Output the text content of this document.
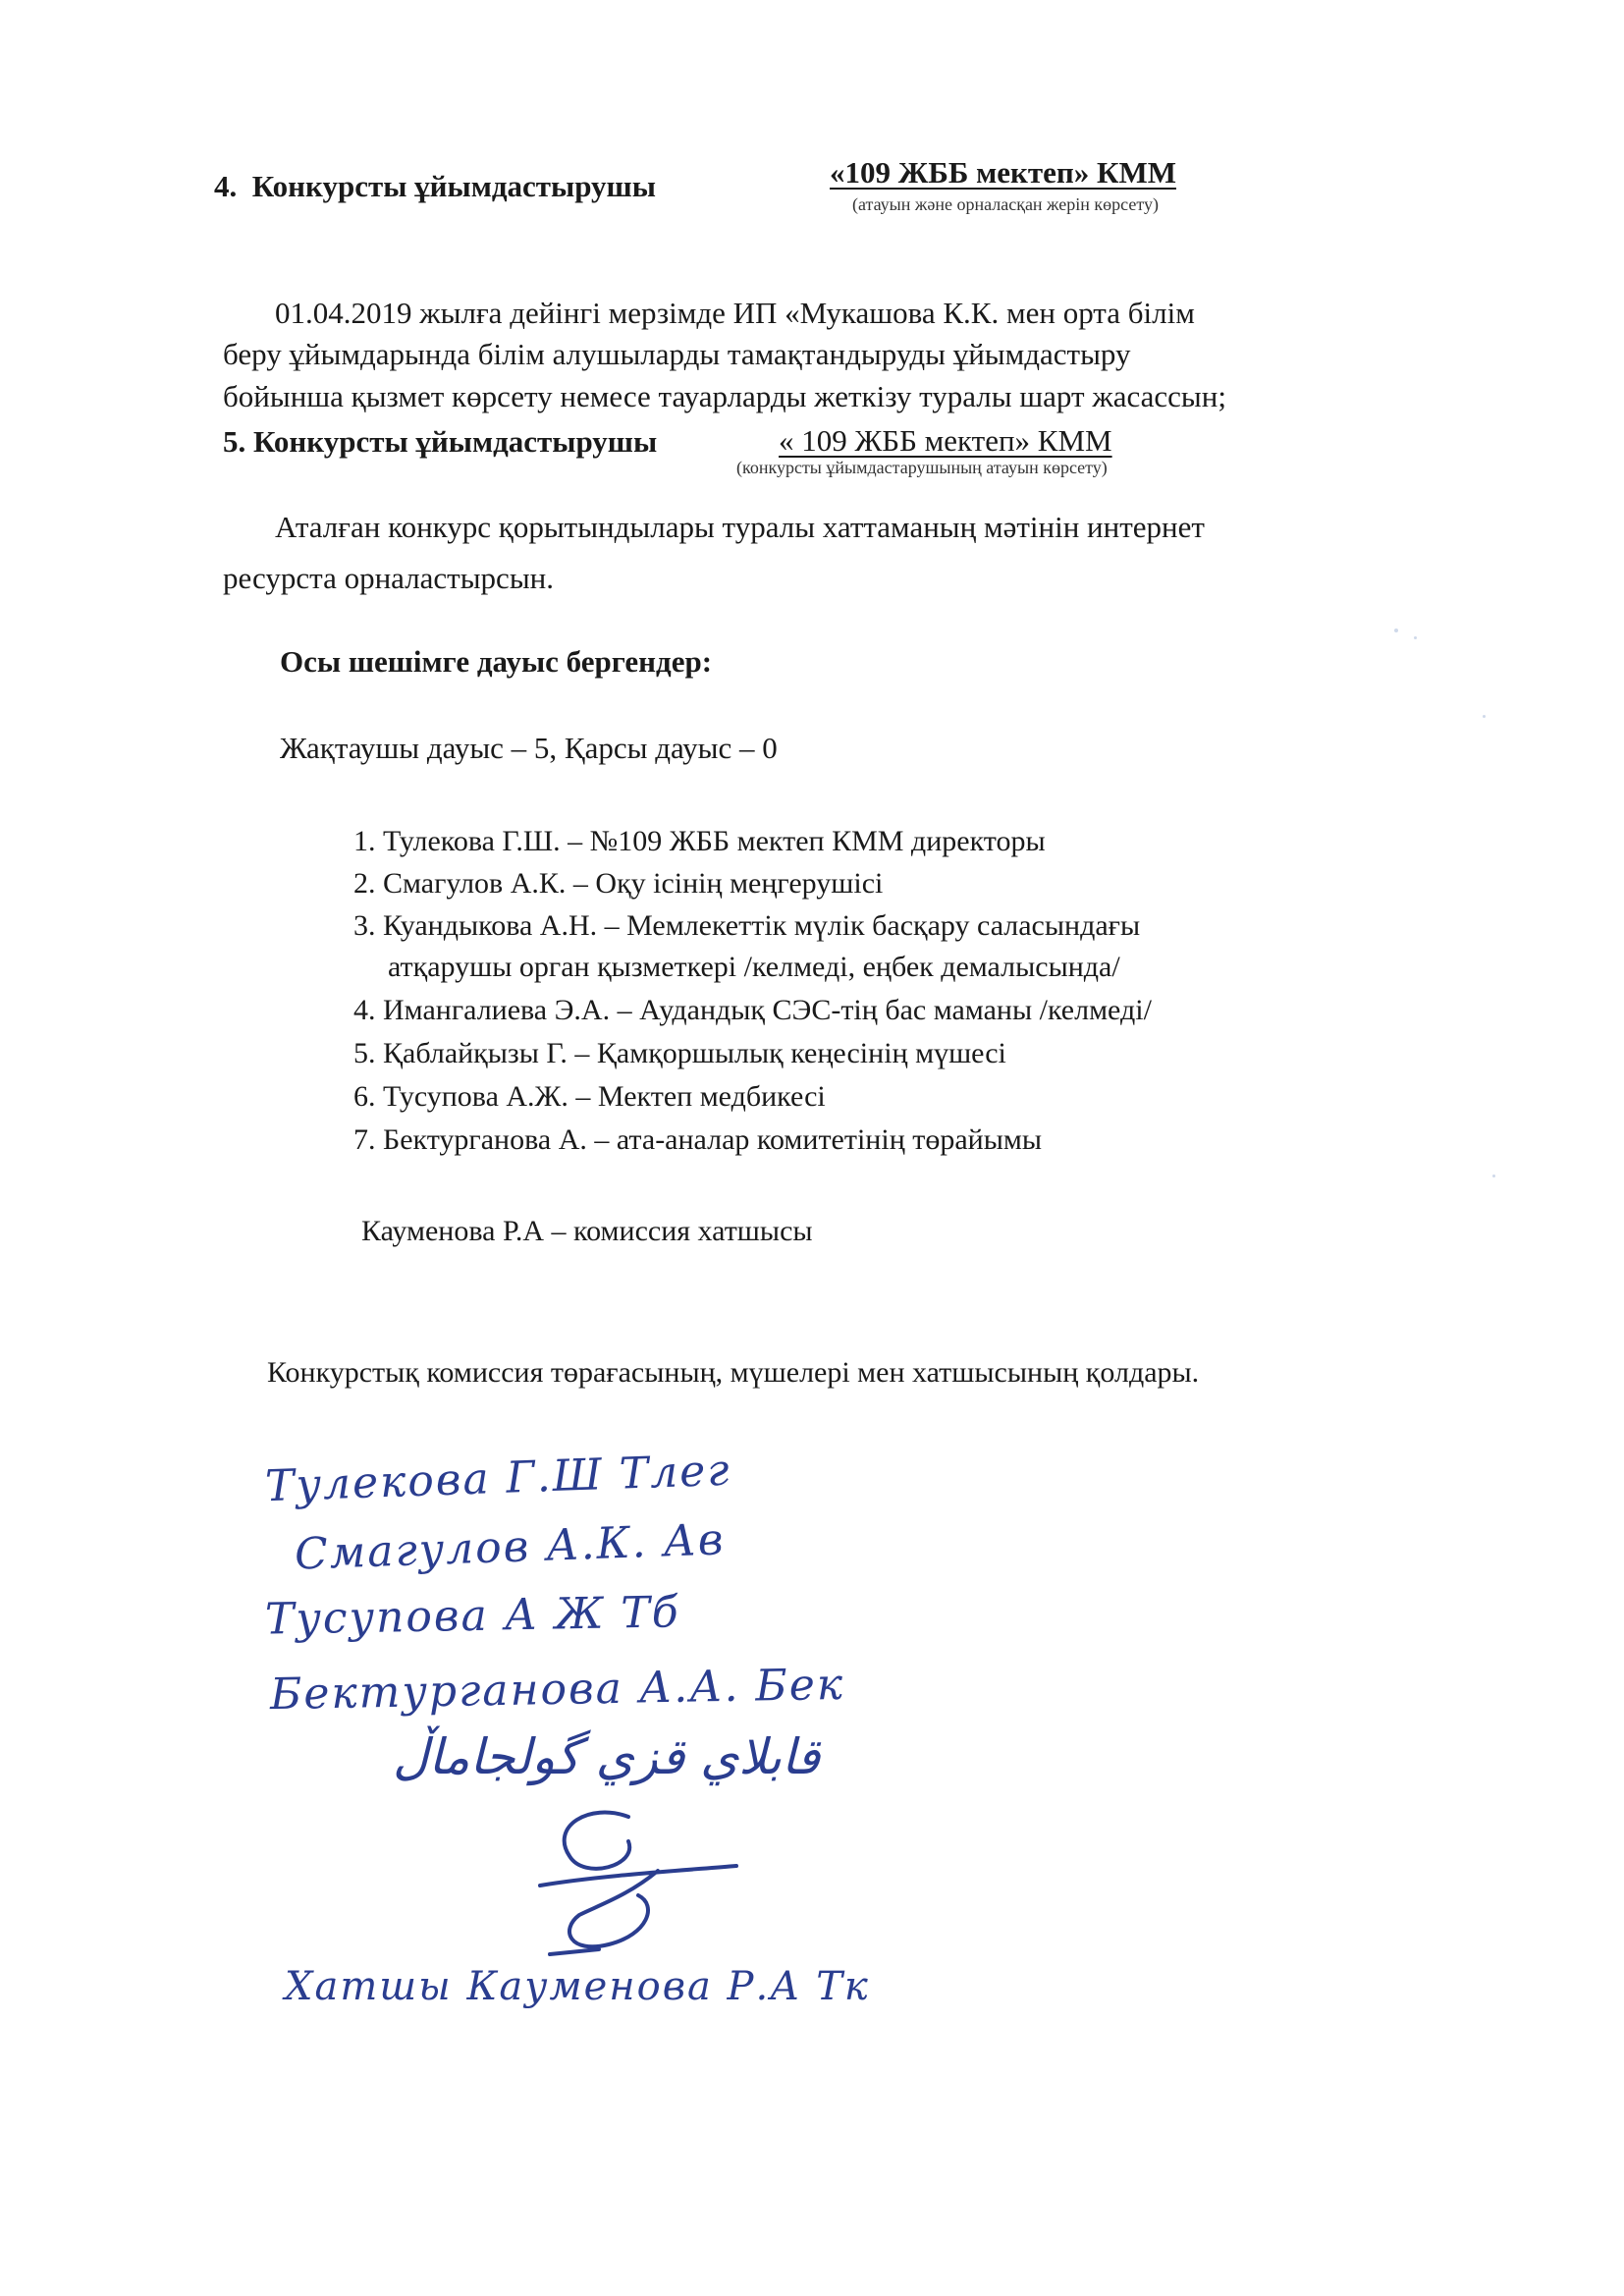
4. Конкурсты ұйымдастырушы	«109 ЖББ мектеп» КММ
(атауын және орналасқан жерін көрсету)
01.04.2019 жылға дейінгі мерзімде ИП «Мукашова К.К. мен орта білім
беру ұйымдарында білім алушыларды тамақтандыруды ұйымдастыру
бойынша қызмет көрсету немесе тауарларды жеткізу туралы шарт жасассын;
5. Конкурсты ұйымдастырушы	« 109 ЖББ мектеп» КММ
(конкурсты ұйымдастарушының атауын көрсету)
Аталған конкурс қорытындылары туралы хаттаманың мәтінін интернет
ресурста орналастырсын.
Осы шешімге дауыс бергендер:
Жақтаушы дауыс – 5, Қарсы дауыс – 0
1. Тулекова Г.Ш. – №109 ЖББ мектеп КММ директоры
2. Смагулов А.К. – Оқу ісінің меңгерушісі
3. Куандыкова А.Н. – Мемлекеттік мүлік басқару саласындағы
атқарушы орган қызметкері /келмеді, еңбек демалысында/
4. Имангалиева Э.А. – Аудандық СЭС-тің бас маманы /келмеді/
5. Қаблайқызы Г. – Қамқоршылық кеңесінің мүшесі
6. Тусупова А.Ж. – Мектеп медбикесі
7. Бектурганова А. – ата-аналар комитетінің төрайымы
Кауменова Р.А – комиссия хатшысы
Конкурстық комиссия төрағасының, мүшелері мен хатшысының қолдары.
Тулекова Г.Ш Тлег
Смагулов А.К. Ав
Тусупова А Ж Тб
Бектурганова А.А. Бек
قابلاي قزي گولجاماڵ
Хатшы Кауменова Р.А Тк
